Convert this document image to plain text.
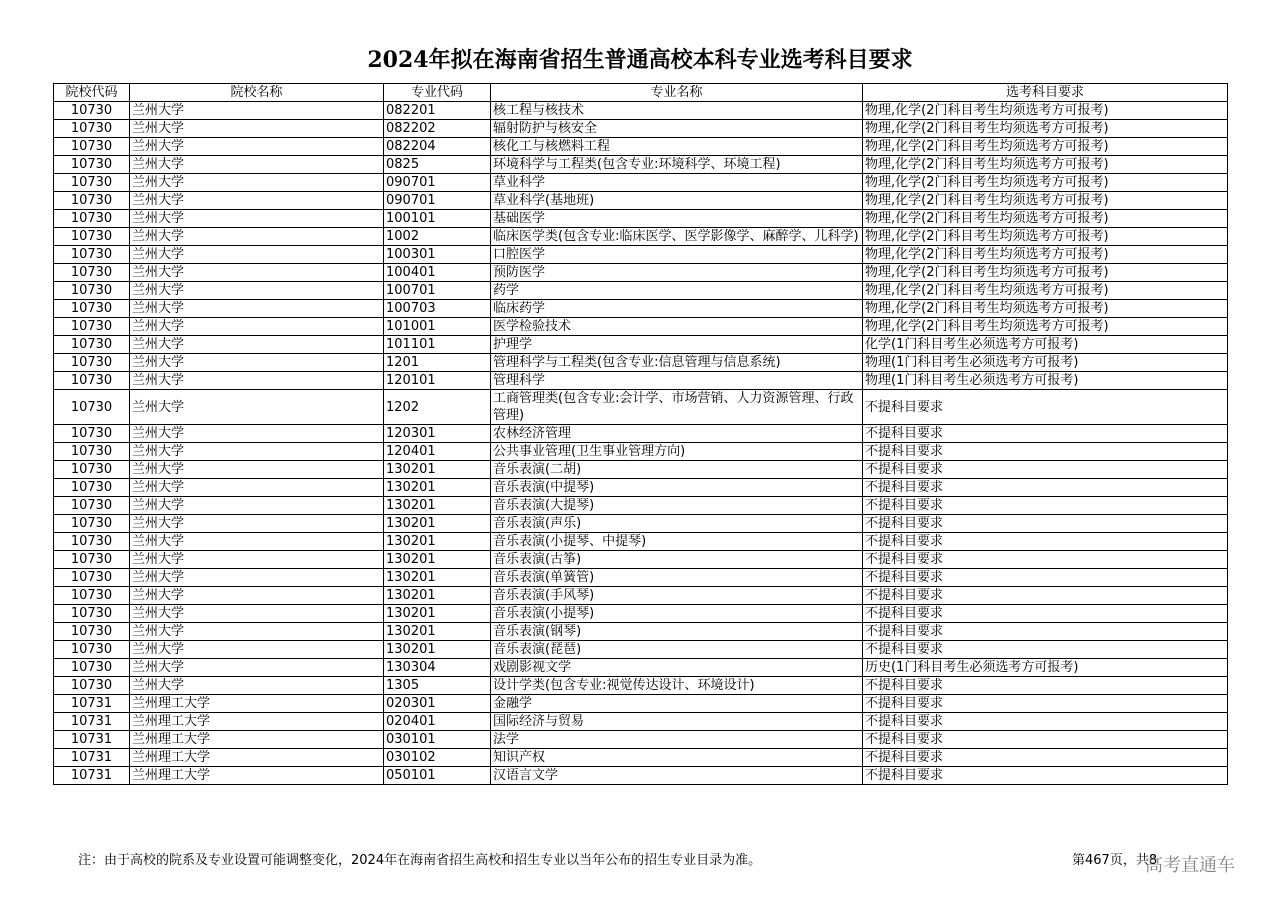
2024年拟在海南省招生普通高校本科专业选考科目要求
院校代码	院校名称	专业代码	专业名称	选考科目要求
10730	兰州大学	082201	核工程与核技术	物理,化学(2门科目考生均须选考方可报考)
10730	兰州大学	082202	辐射防护与核安全	物理,化学(2门科目考生均须选考方可报考)
10730	兰州大学	082204	核化工与核燃料工程	物理,化学(2门科目考生均须选考方可报考)
10730	兰州大学	0825	环境科学与工程类(包含专业:环境科学、环境工程)	物理,化学(2门科目考生均须选考方可报考)
10730	兰州大学	090701	草业科学	物理,化学(2门科目考生均须选考方可报考)
10730	兰州大学	090701	草业科学(基地班)	物理,化学(2门科目考生均须选考方可报考)
10730	兰州大学	100101	基础医学	物理,化学(2门科目考生均须选考方可报考)
10730	兰州大学	1002	临床医学类(包含专业:临床医学、医学影像学、麻醉学、儿科学)	物理,化学(2门科目考生均须选考方可报考)
10730	兰州大学	100301	口腔医学	物理,化学(2门科目考生均须选考方可报考)
10730	兰州大学	100401	预防医学	物理,化学(2门科目考生均须选考方可报考)
10730	兰州大学	100701	药学	物理,化学(2门科目考生均须选考方可报考)
10730	兰州大学	100703	临床药学	物理,化学(2门科目考生均须选考方可报考)
10730	兰州大学	101001	医学检验技术	物理,化学(2门科目考生均须选考方可报考)
10730	兰州大学	101101	护理学	化学(1门科目考生必须选考方可报考)
10730	兰州大学	1201	管理科学与工程类(包含专业:信息管理与信息系统)	物理(1门科目考生必须选考方可报考)
10730	兰州大学	120101	管理科学	物理(1门科目考生必须选考方可报考)
10730	兰州大学	1202	工商管理类(包含专业:会计学、市场营销、人力资源管理、行政管理)	不提科目要求
10730	兰州大学	120301	农林经济管理	不提科目要求
10730	兰州大学	120401	公共事业管理(卫生事业管理方向)	不提科目要求
10730	兰州大学	130201	音乐表演(二胡)	不提科目要求
10730	兰州大学	130201	音乐表演(中提琴)	不提科目要求
10730	兰州大学	130201	音乐表演(大提琴)	不提科目要求
10730	兰州大学	130201	音乐表演(声乐)	不提科目要求
10730	兰州大学	130201	音乐表演(小提琴、中提琴)	不提科目要求
10730	兰州大学	130201	音乐表演(古筝)	不提科目要求
10730	兰州大学	130201	音乐表演(单簧管)	不提科目要求
10730	兰州大学	130201	音乐表演(手风琴)	不提科目要求
10730	兰州大学	130201	音乐表演(小提琴)	不提科目要求
10730	兰州大学	130201	音乐表演(钢琴)	不提科目要求
10730	兰州大学	130201	音乐表演(琵琶)	不提科目要求
10730	兰州大学	130304	戏剧影视文学	历史(1门科目考生必须选考方可报考)
10730	兰州大学	1305	设计学类(包含专业:视觉传达设计、环境设计)	不提科目要求
10731	兰州理工大学	020301	金融学	不提科目要求
10731	兰州理工大学	020401	国际经济与贸易	不提科目要求
10731	兰州理工大学	030101	法学	不提科目要求
10731	兰州理工大学	030102	知识产权	不提科目要求
10731	兰州理工大学	050101	汉语言文学	不提科目要求
注：由于高校的院系及专业设置可能调整变化，2024年在海南省招生高校和招生专业以当年公布的招生专业目录为准。	第467页，共8
高考直通车
